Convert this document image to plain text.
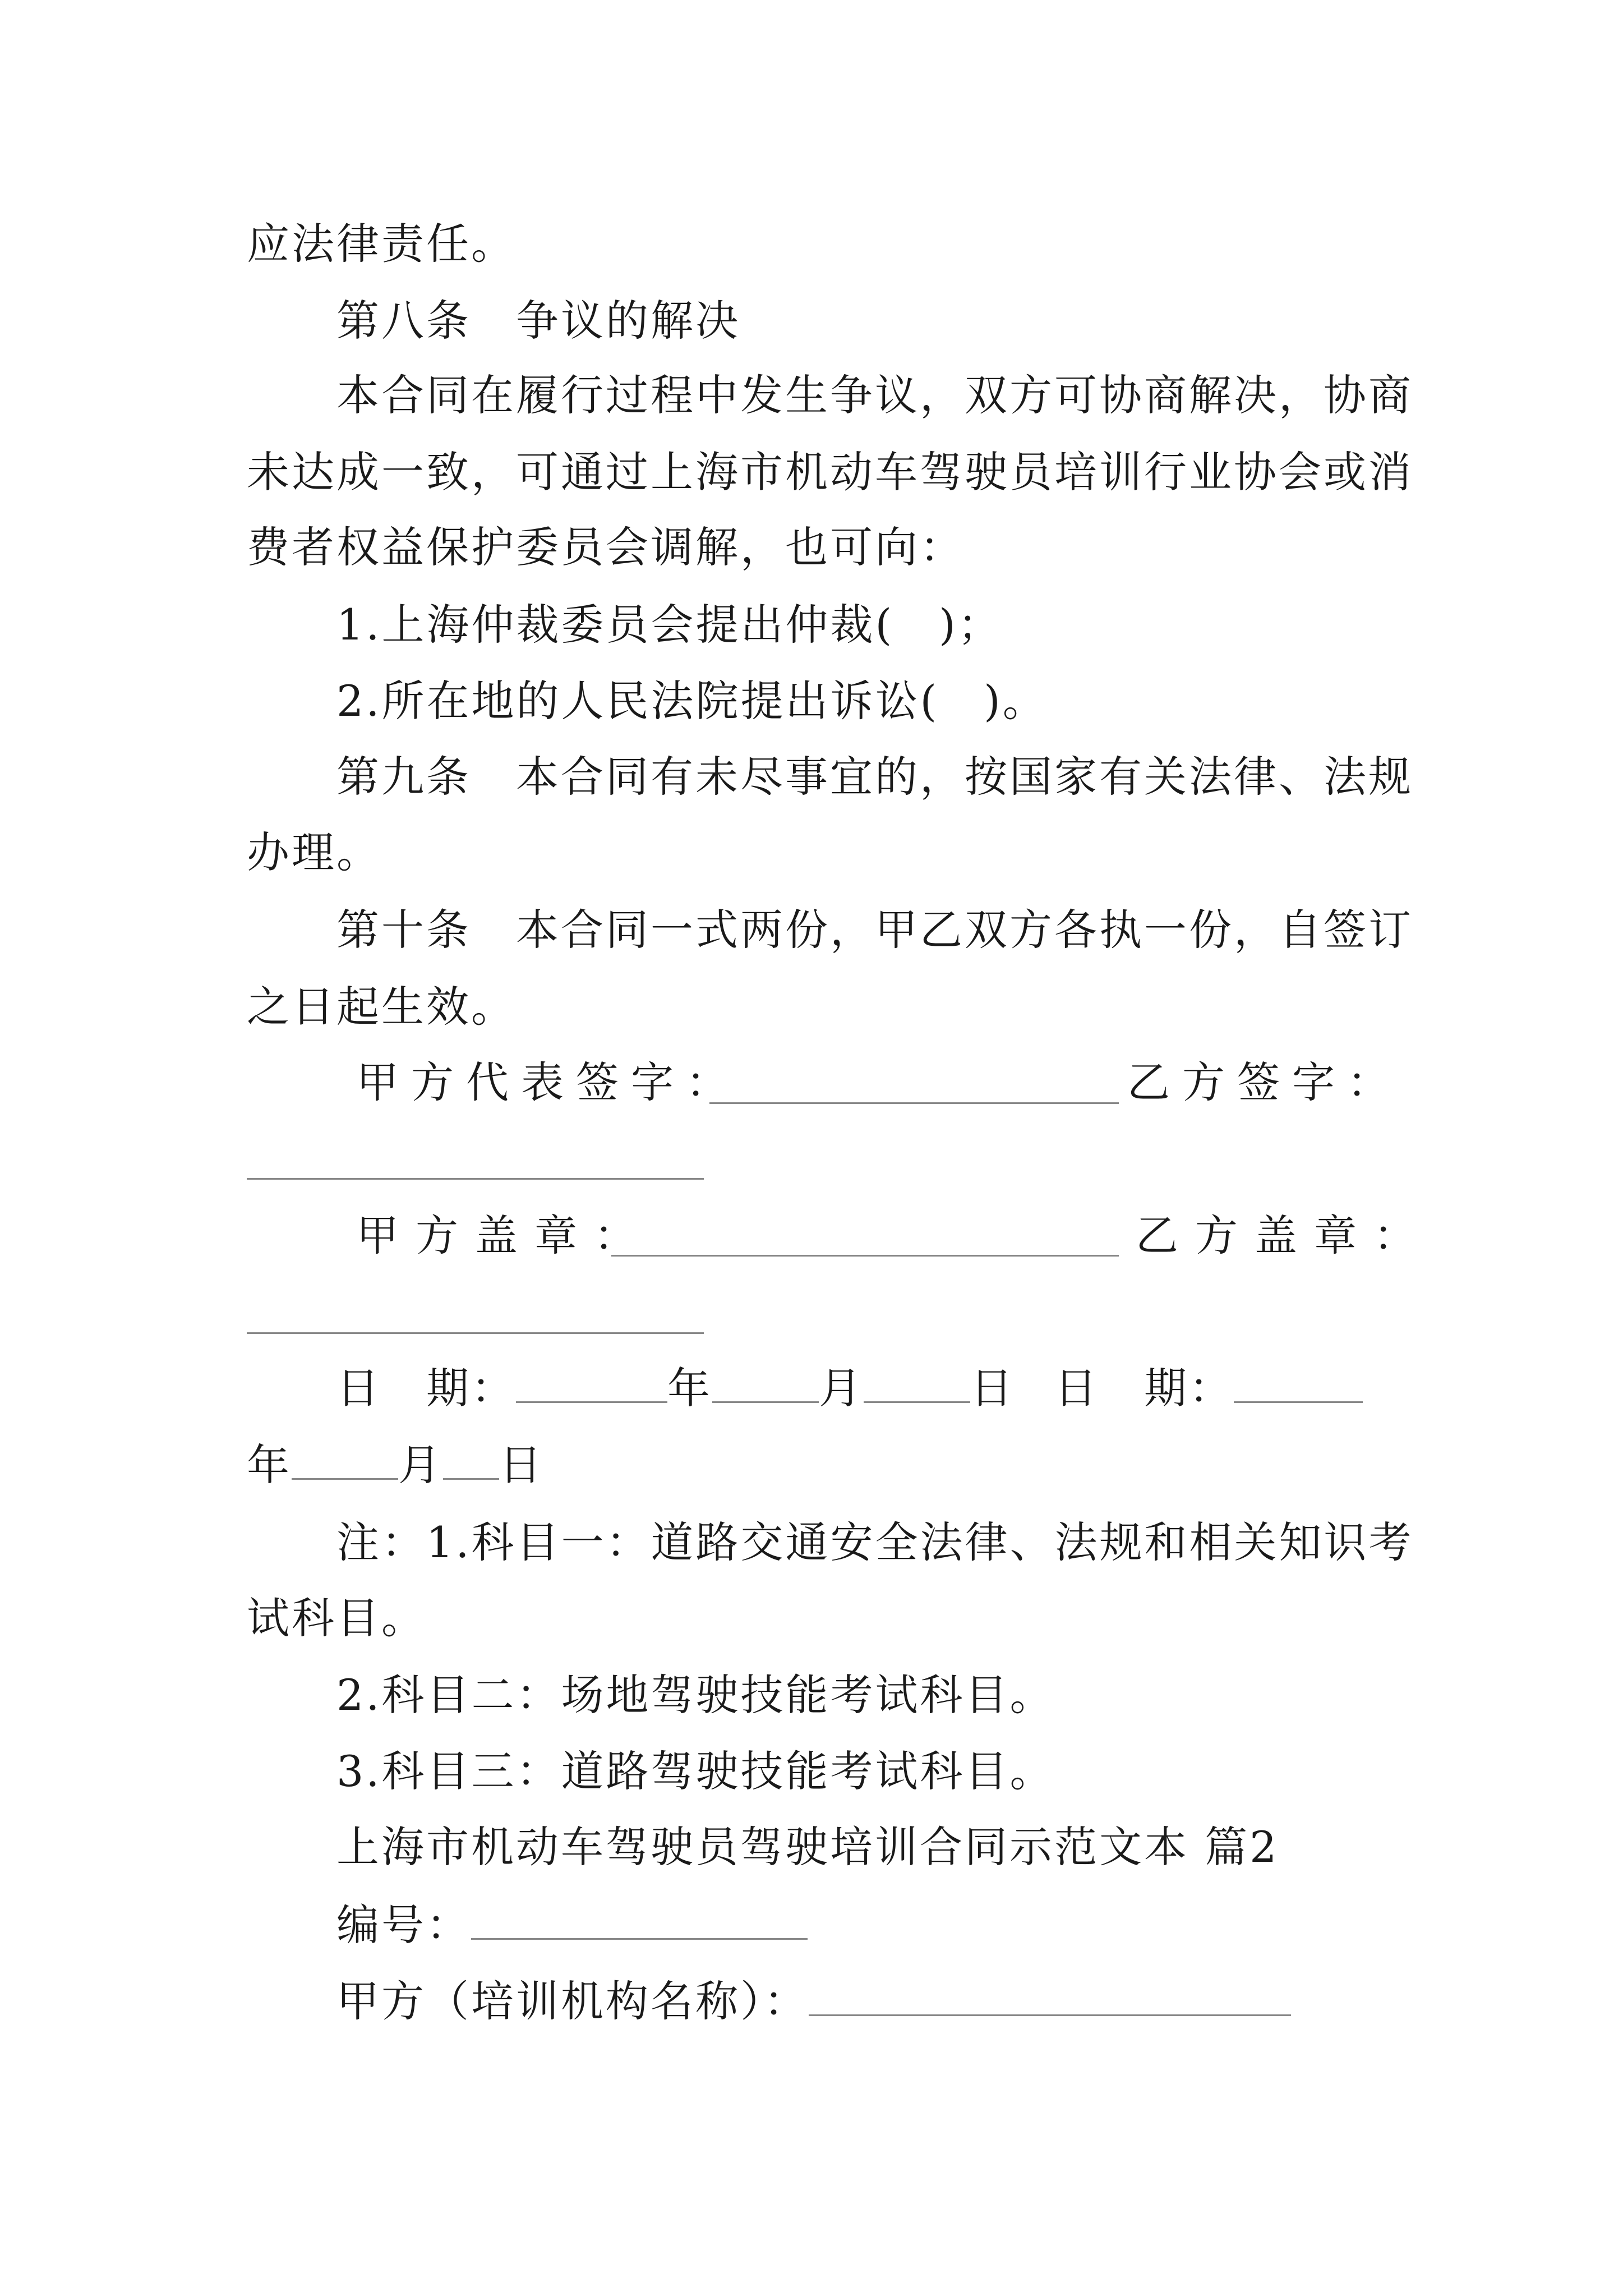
应法律责任。
第八条　争议的解决
本合同在履行过程中发生争议，双方可协商解决，协商
未达成一致，可通过上海市机动车驾驶员培训行业协会或消
费者权益保护委员会调解，也可向：
1.上海仲裁委员会提出仲裁(　)；
2.所在地的人民法院提出诉讼(　)。
第九条　本合同有未尽事宜的，按国家有关法律、法规
办理。
第十条　本合同一式两份，甲乙双方各执一份，自签订
之日起生效。
甲方代表签字：	乙方签字：
甲方盖章：	乙方盖章：
日　期：	年	月	日 日　期：
年	月 日
注：1.科目一：道路交通安全法律、法规和相关知识考
试科目。
2.科目二：场地驾驶技能考试科目。
3.科目三：道路驾驶技能考试科目。
上海市机动车驾驶员驾驶培训合同示范文本 篇2
编号：
甲方（培训机构名称）：
